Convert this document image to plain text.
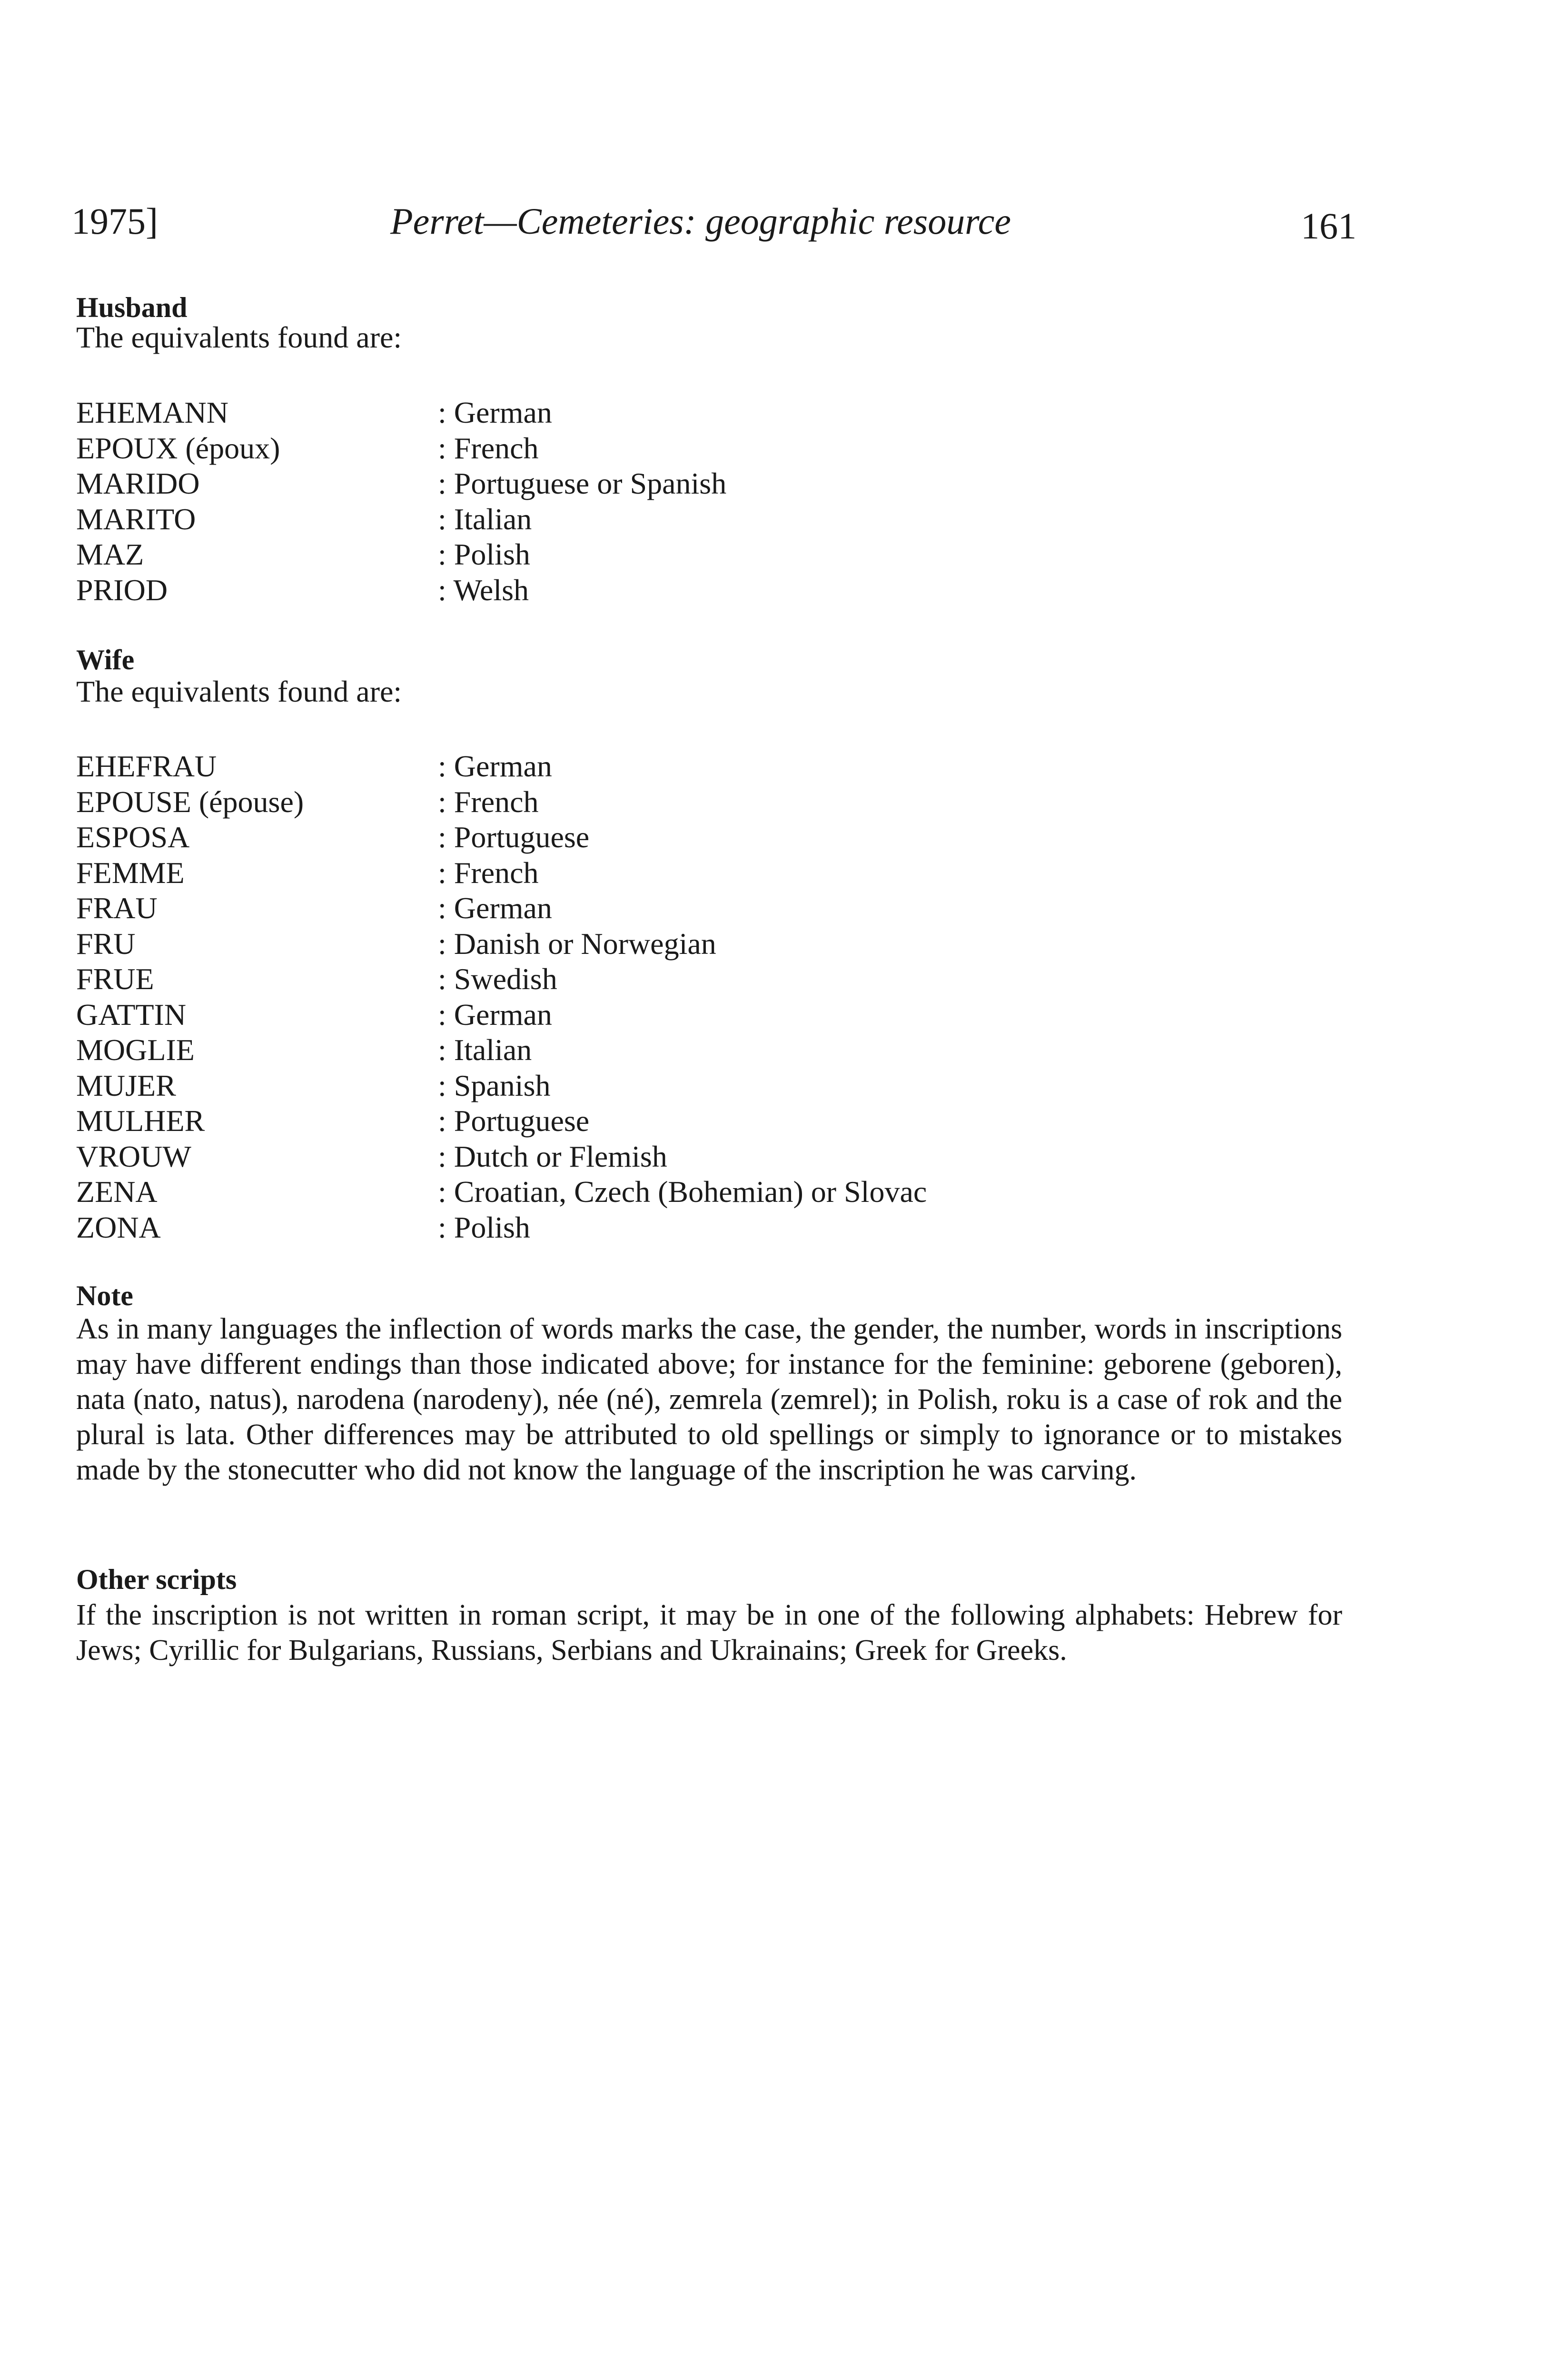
1975]	Perret—Cemeteries: geographic resource	161
Husband
The equivalents found are:
EHEMANN	: German
EPOUX (époux)	: French
MARIDO	: Portuguese or Spanish
MARITO	: Italian
MAZ	: Polish
PRIOD	: Welsh
Wife
The equivalents found are:
EHEFRAU	: German
EPOUSE (épouse)	: French
ESPOSA	: Portuguese
FEMME	: French
FRAU	: German
FRU	: Danish or Norwegian
FRUE	: Swedish
GATTIN	: German
MOGLIE	: Italian
MUJER	: Spanish
MULHER	: Portuguese
VROUW	: Dutch or Flemish
ZENA	: Croatian, Czech (Bohemian) or Slovac
ZONA	: Polish
Note

As in many languages the inflection of words marks the case, the gender, the number, words in inscriptions may have different endings than those indicated above; for instance for the feminine: geborene (geboren), nata (nato, natus), narodena (narodeny), née (né), zemrela (zemrel); in Polish, roku is a case of rok and the plural is lata. Other differences may be attributed to old spellings or simply to ignorance or to mistakes made by the stonecutter who did not know the language of the inscription he was carving.

Other scripts

If the inscription is not written in roman script, it may be in one of the following alphabets: Hebrew for Jews; Cyrillic for Bulgarians, Russians, Serbians and Ukrainains; Greek for Greeks.
